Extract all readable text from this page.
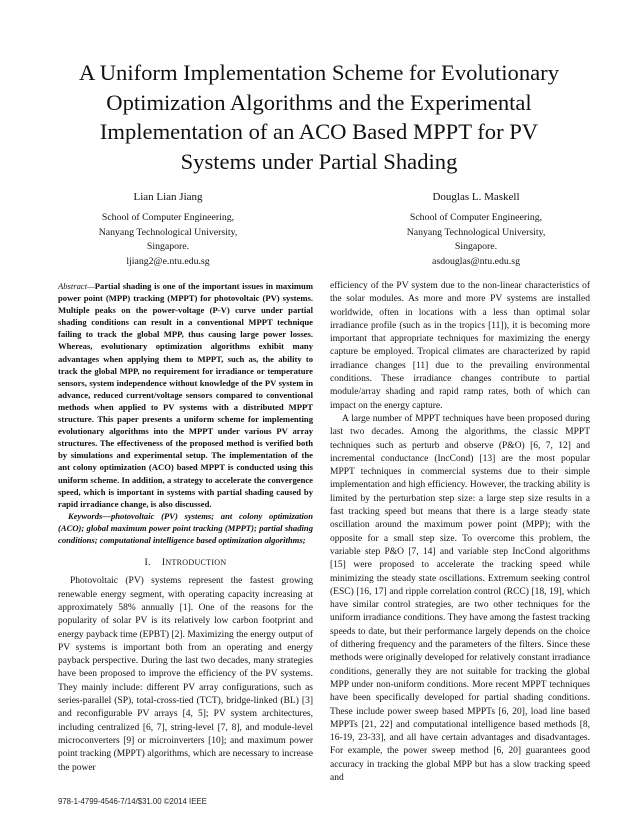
A Uniform Implementation Scheme for Evolutionary
Optimization Algorithms and the Experimental
Implementation of an ACO Based MPPT for PV
Systems under Partial Shading
Lian Lian Jiang
School of Computer Engineering,
Nanyang Technological University,
Singapore.
ljiang2@e.ntu.edu.sg
Douglas L. Maskell
School of Computer Engineering,
Nanyang Technological University,
Singapore.
asdouglas@ntu.edu.sg

Abstract—Partial shading is one of the important issues in maximum power point (MPP) tracking (MPPT) for photovoltaic (PV) systems. Multiple peaks on the power-voltage (P-V) curve under partial shading conditions can result in a conventional MPPT technique failing to track the global MPP, thus causing large power losses. Whereas, evolutionary optimization algorithms exhibit many advantages when applying them to MPPT, such as, the ability to track the global MPP, no requirement for irradiance or temperature sensors, system independence without knowledge of the PV system in advance, reduced current/voltage sensors compared to conventional methods when applied to PV systems with a distributed MPPT structure. This paper presents a uniform scheme for implementing evolutionary algorithms into the MPPT under various PV array structures. The effectiveness of the proposed method is verified both by simulations and experimental setup. The implementation of the ant colony optimization (ACO) based MPPT is conducted using this uniform scheme. In addition, a strategy to accelerate the convergence speed, which is important in systems with partial shading caused by rapid irradiance change, is also discussed.

Keywords—photovoltaic (PV) systems; ant colony optimization (ACO); global maximum power point tracking (MPPT); partial shading conditions; computational intelligence based optimization algorithms;

I. INTRODUCTION

Photovoltaic (PV) systems represent the fastest growing renewable energy segment, with operating capacity increasing at approximately 58% annually [1]. One of the reasons for the popularity of solar PV is its relatively low carbon footprint and energy payback time (EPBT) [2]. Maximizing the energy output of PV systems is important both from an operating and energy payback perspective. During the last two decades, many strategies have been proposed to improve the efficiency of the PV systems. They mainly include: different PV array configurations, such as series-parallel (SP), total-cross-tied (TCT), bridge-linked (BL) [3] and reconfigurable PV arrays [4, 5]; PV system architectures, including centralized [6, 7], string-level [7, 8], and module-level microconverters [9] or microinverters [10]; and maximum power point tracking (MPPT) algorithms, which are necessary to increase the power

efficiency of the PV system due to the non-linear characteristics of the solar modules. As more and more PV systems are installed worldwide, often in locations with a less than optimal solar irradiance profile (such as in the tropics [11]), it is becoming more important that appropriate techniques for maximizing the energy capture be employed. Tropical climates are characterized by rapid irradiance changes [11] due to the prevailing environmental conditions. These irradiance changes contribute to partial module/array shading and rapid ramp rates, both of which can impact on the energy capture.

A large number of MPPT techniques have been proposed during last two decades. Among the algorithms, the classic MPPT techniques such as perturb and observe (P&O) [6, 7, 12] and incremental conductance (IncCond) [13] are the most popular MPPT techniques in commercial systems due to their simple implementation and high efficiency. However, the tracking ability is limited by the perturbation step size: a large step size results in a fast tracking speed but means that there is a large steady state oscillation around the maximum power point (MPP); with the opposite for a small step size. To overcome this problem, the variable step P&O [7, 14] and variable step IncCond algorithms [15] were proposed to accelerate the tracking speed while minimizing the steady state oscillations. Extremum seeking control (ESC) [16, 17] and ripple correlation control (RCC) [18, 19], which have similar control strategies, are two other techniques for the uniform irradiance conditions. They have among the fastest tracking speeds to date, but their performance largely depends on the choice of dithering frequency and the parameters of the filters. Since these methods were originally developed for relatively constant irradiance conditions, generally they are not suitable for tracking the global MPP under non-uniform conditions. More recent MPPT techniques have been specifically developed for partial shading conditions. These include power sweep based MPPTs [6, 20], load line based MPPTs [21, 22] and computational intelligence based methods [8, 16-19, 23-33], and all have certain advantages and disadvantages. For example, the power sweep method [6, 20] guarantees good accuracy in tracking the global MPP but has a slow tracking speed and

978-1-4799-4546-7/14/$31.00 ©2014 IEEE
